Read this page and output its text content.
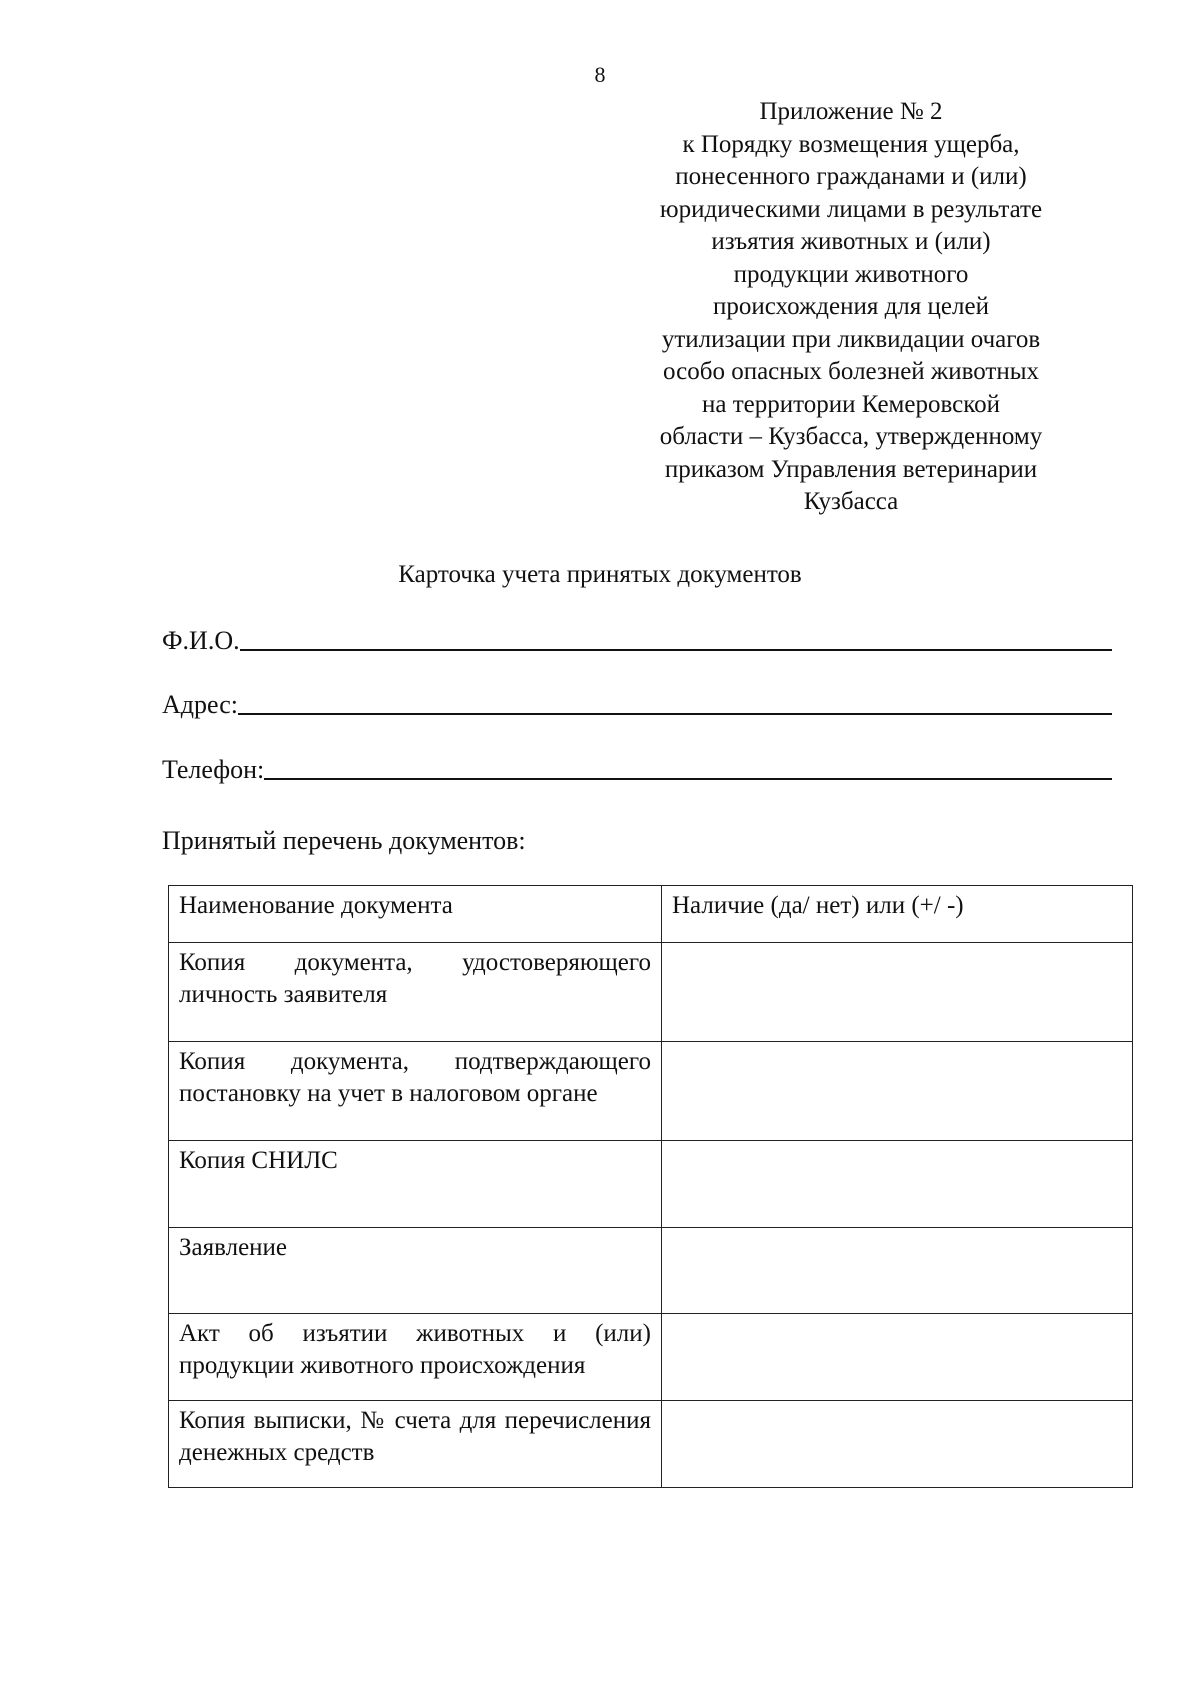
8
Приложение № 2
к Порядку возмещения ущерба,
понесенного гражданами и (или)
юридическими лицами в результате
изъятия животных и (или)
продукции животного
происхождения для целей
утилизации при ликвидации очагов
особо опасных болезней животных
на территории Кемеровской
области – Кузбасса, утвержденному
приказом Управления ветеринарии
Кузбасса
Карточка учета принятых документов
Ф.И.О.
Адрес:
Телефон:
Принятый перечень документов:
Наименование документа	Наличие (да/ нет) или (+/ -)
Копия документа, удостоверяющего личность заявителя	
Копия документа, подтверждающего постановку на учет в налоговом органе	
Копия СНИЛС	
Заявление	
Акт об изъятии животных и (или) продукции животного происхождения	
Копия выписки, № счета для перечисления денежных средств	
